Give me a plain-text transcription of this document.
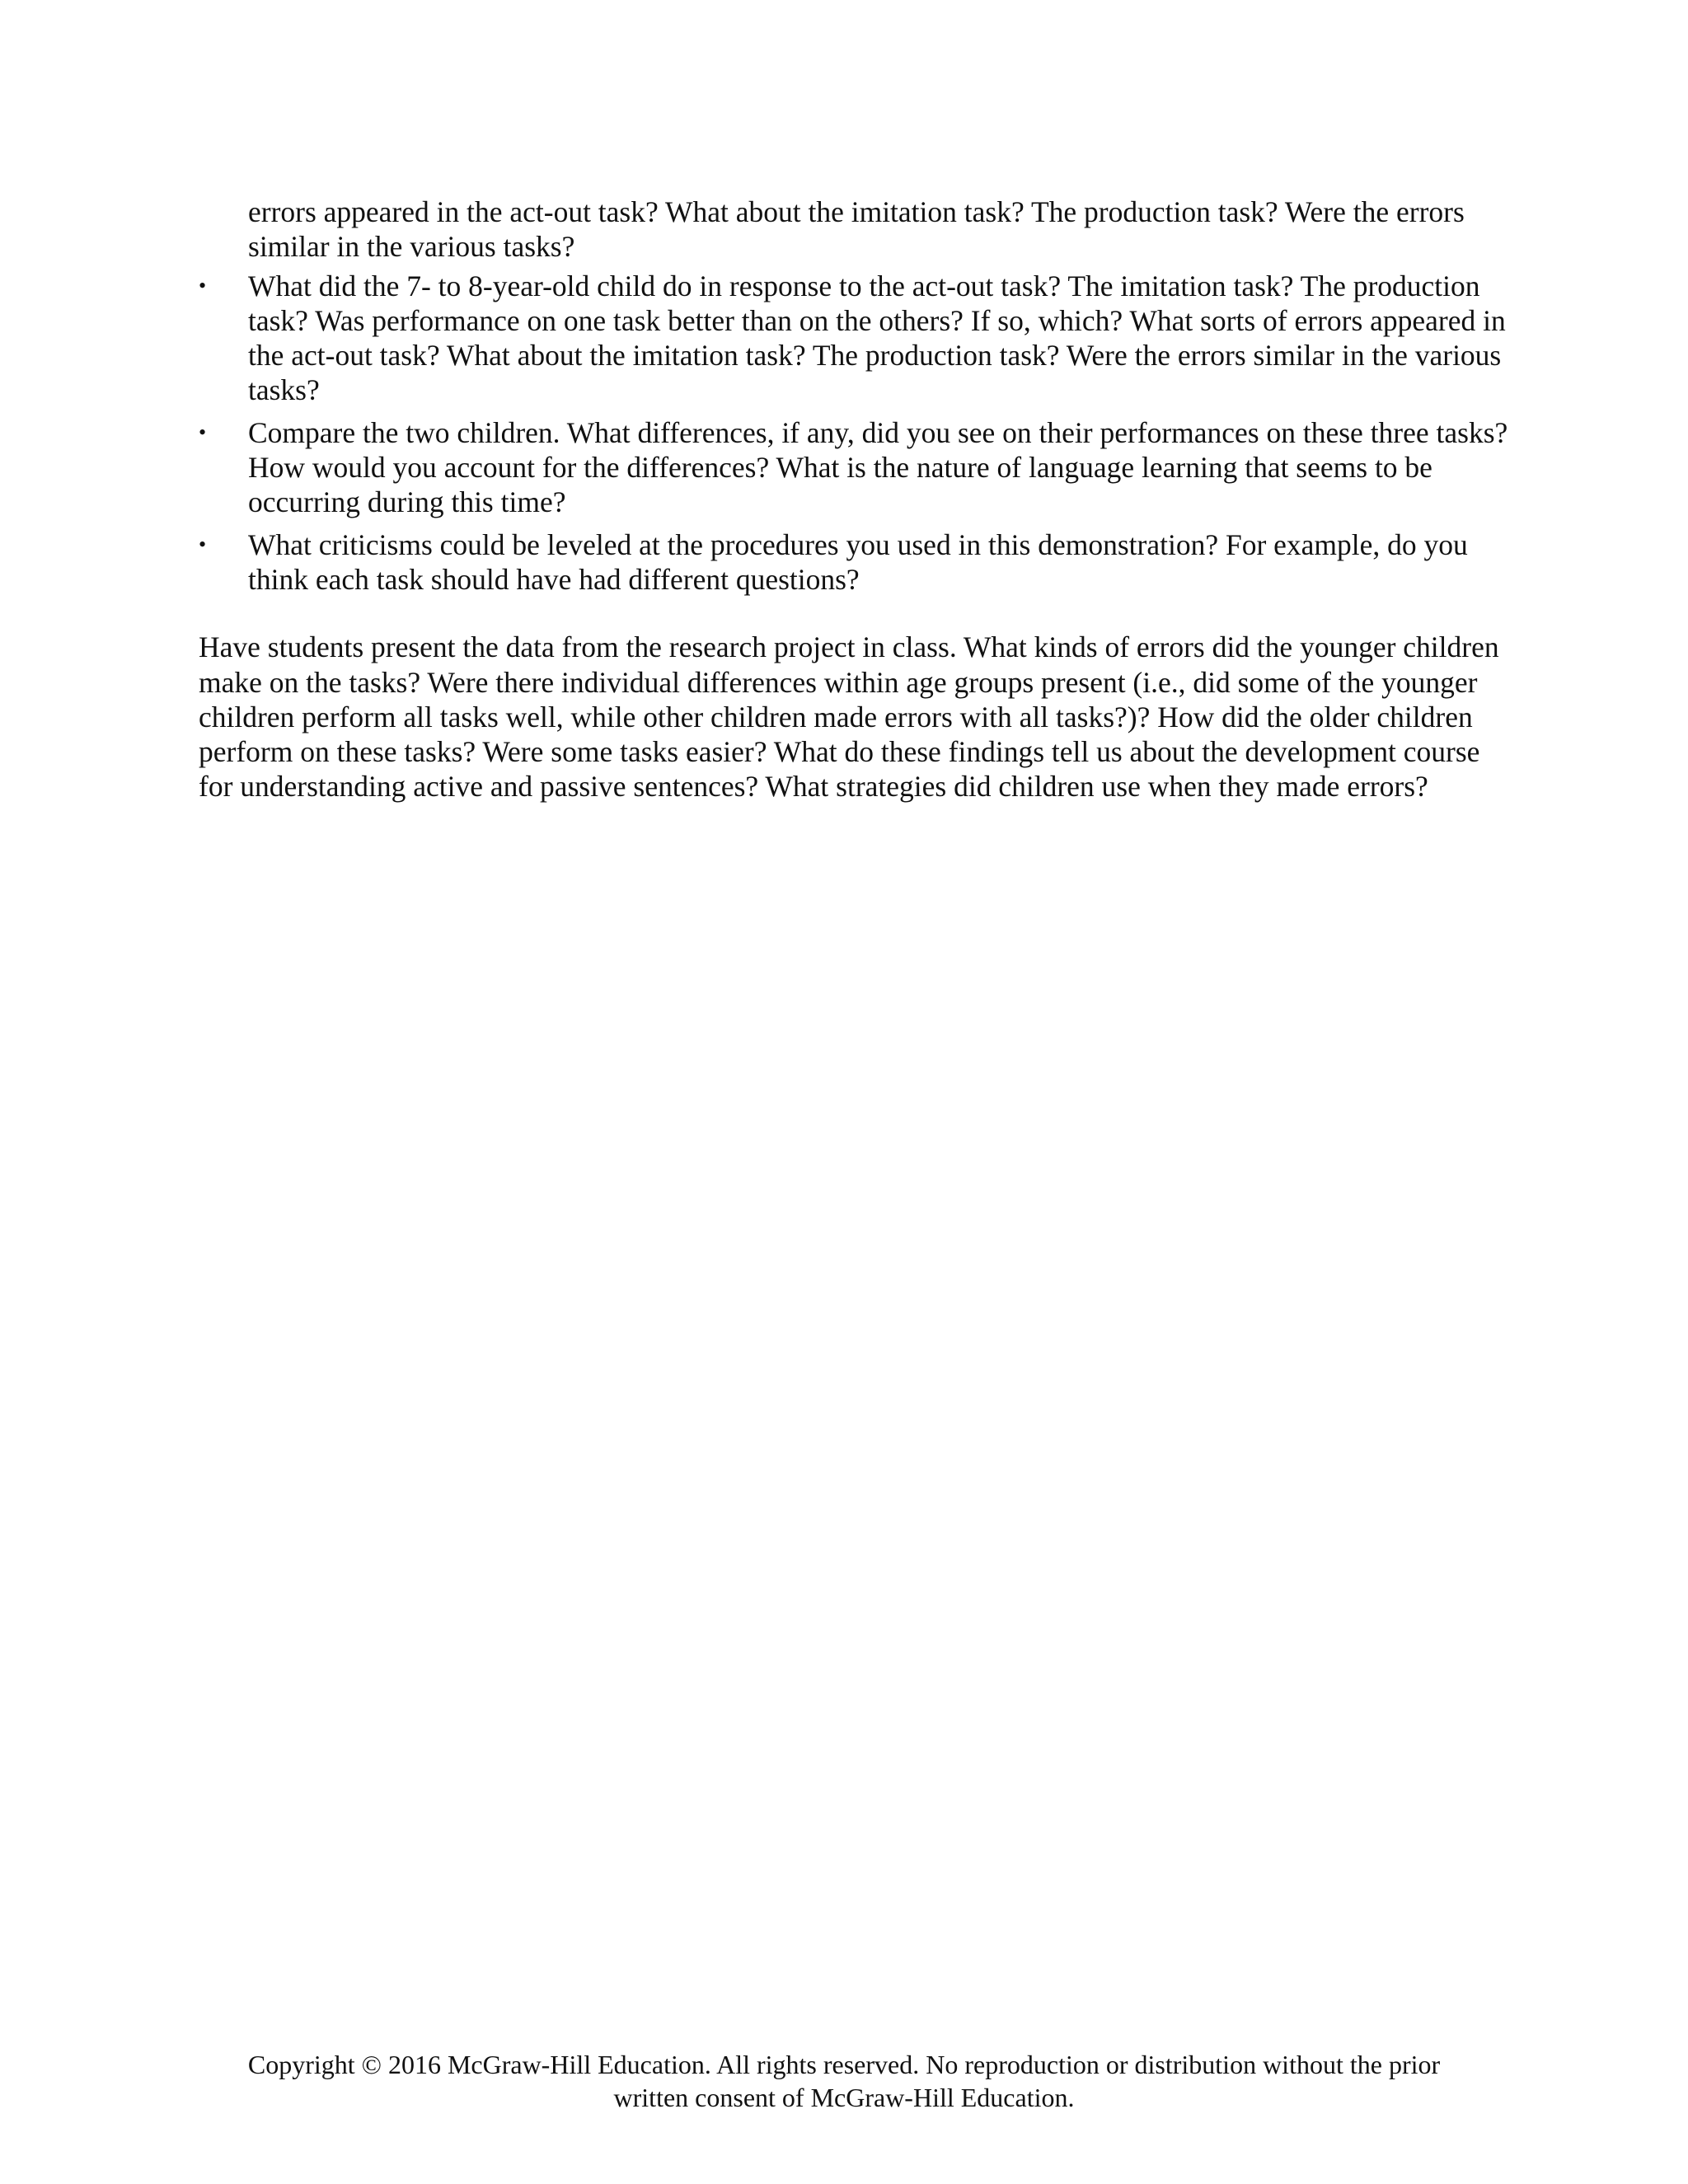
errors appeared in the act-out task? What about the imitation task? The production task? Were the errors similar in the various tasks?

•	What did the 7- to 8-year-old child do in response to the act-out task? The imitation task? The production task? Was performance on one task better than on the others? If so, which? What sorts of errors appeared in the act-out task? What about the imitation task? The production task? Were the errors similar in the various tasks?
•	Compare the two children. What differences, if any, did you see on their performances on these three tasks? How would you account for the differences? What is the nature of language learning that seems to be occurring during this time?
•	What criticisms could be leveled at the procedures you used in this demonstration? For example, do you think each task should have had different questions?

Have students present the data from the research project in class. What kinds of errors did the younger children make on the tasks? Were there individual differences within age groups present (i.e., did some of the younger children perform all tasks well, while other children made errors with all tasks?)? How did the older children perform on these tasks? Were some tasks easier? What do these findings tell us about the development course for understanding active and passive sentences? What strategies did children use when they made errors?

Copyright © 2016 McGraw-Hill Education. All rights reserved. No reproduction or distribution without the prior
written consent of McGraw-Hill Education.
